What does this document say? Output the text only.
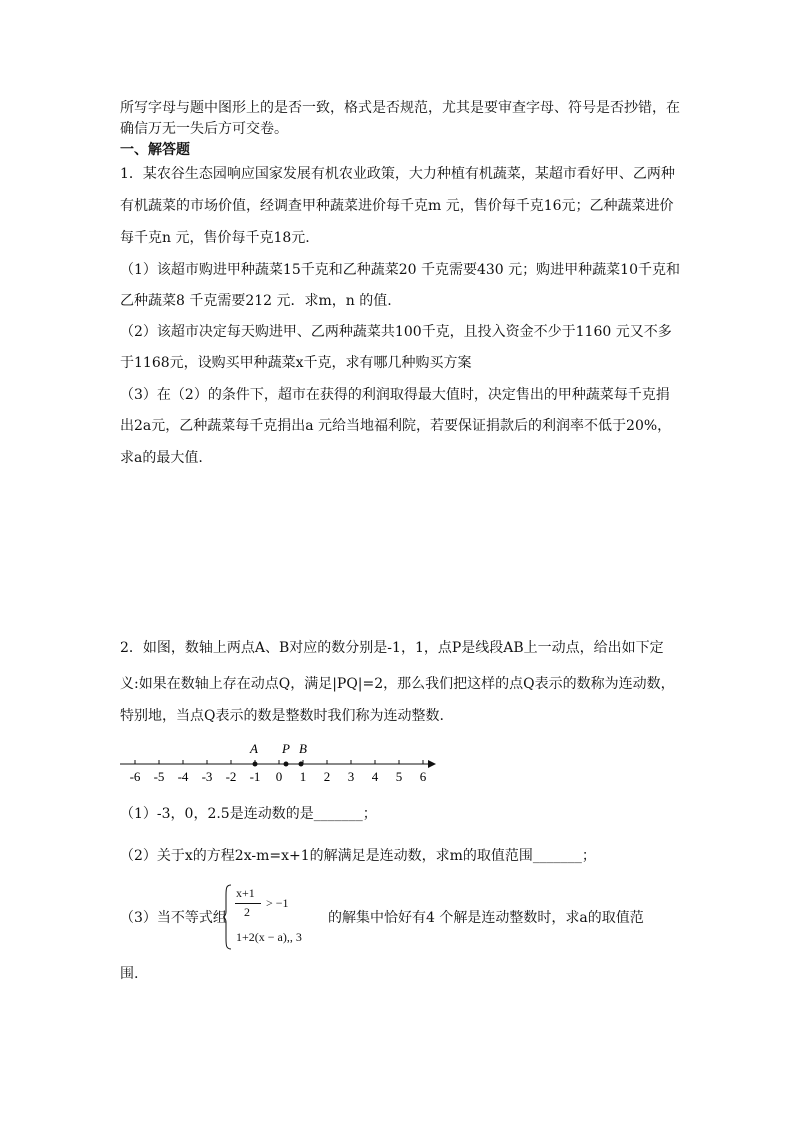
所写字母与题中图形上的是否一致，格式是否规范，尤其是要审查字母、符号是否抄错，在
确信万无一失后方可交卷。
一、解答题
1．某农谷生态园响应国家发展有机农业政策，大力种植有机蔬菜，某超市看好甲、乙两种
有机蔬菜的市场价值，经调查甲种蔬菜进价每千克m 元，售价每千克16元；乙种蔬菜进价
每千克n 元，售价每千克18元.
（1）该超市购进甲种蔬菜15千克和乙种蔬菜20 千克需要430 元；购进甲种蔬菜10千克和
乙种蔬菜8 千克需要212 元．求m，n 的值.
（2）该超市决定每天购进甲、乙两种蔬菜共100千克，且投入资金不少于1160 元又不多
于1168元，设购买甲种蔬菜x千克，求有哪几种购买方案
（3）在（2）的条件下，超市在获得的利润取得最大值时，决定售出的甲种蔬菜每千克捐
出2a元，乙种蔬菜每千克捐出a 元给当地福利院，若要保证捐款后的利润率不低于20%，
求a的最大值.
2．如图，数轴上两点A、B对应的数分别是-1，1，点P是线段AB上一动点，给出如下定
义:如果在数轴上存在动点Q，满足|PQ|=2，那么我们把这样的点Q表示的数称为连动数，
特别地，当点Q表示的数是整数时我们称为连动整数.
-6 -5 -4 -3 -2 -1 0 1 2 3 4 5 6
A P B
（1）-3，0，2.5是连动数的是_______；
（2）关于x的方程2x-m=x+1的解满足是连动数，求m的取值范围_______；
（3）当不等式组
x+1
2
> −1
1+2(x − a),, 3
的解集中恰好有4 个解是连动整数时，求a的取值范
围.
